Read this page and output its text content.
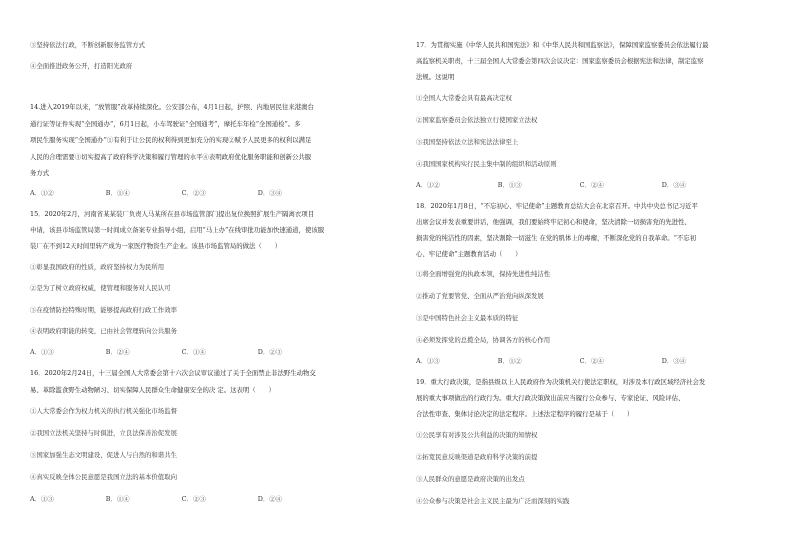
③坚持依法行政，不断创新服务监管方式
④全面推进政务公开，打造阳光政府
14.进入2019年以来，“放管服”改革持续深化。公安部公布，4月1日起，护照、内地居民往来港澳台
通行证等证件实现“全国通办”，6月1日起，小车驾驶证“全国通考”，摩托车年检“全国通检”。多
项民生服务实现“全国通办”①有利于让公民的权利得到更加充分的实现②赋予人民更多的权利以满足
人民的合理需要③切实提高了政府科学决策和履行管理的水平④表明政府优化服务职能和创新公共服
务方式
A．①②	B．①④	C．②③	D．③④
15．2020年2月，河南省某某装厂负责人马某所在县市场监管部门提出复位换照扩展生产隔离衣项目
申请，该县市场监管局第一时间成立备案专业指导小组，启用“马上办”在线审批功能加快速通道，使该服
装厂在不到12天时间里转产成为一家医疗物资生产企业。该县市场监管局的做法（　　）
①彰显我国政府的性质，政府坚持权力为民所用
②是为了树立政府权威，使管理和服务对人民认可
③在疫情防控特殊时期，能够提高政府行政工作效率
④表明政府职能的转变，已由社会管理转向公共服务
A．①③	B．②④	C．①④	D．②③
16．2020年2月24日，十三届全国人大常委会第十六次会议审议通过了关于全面禁止非法野生动物交
易、革除滥食野生动物陋习、切实保障人民群众生命健康安全的决 定。这表明（　　）
①人大常委会作为权力机关的执行机关强化市场监督
②我国立法机关坚持与时俱进，立良法保善治促发展
③国家加强生态文明建设，促进人与自然的和谐共生
④真实反映全体公民意愿是我国立法的基本价值取向
A．①③	B．①④	C．②③	D．②④
17．为贯彻实施《中华人民共和国宪法》和《中华人民共和国监察法》，保障国家监察委员会依法履行最
高监察机关职责，十三届全国人大常委会第四次会议决定：国家监察委员会根据宪法和法律，制定监察
法规。这说明
①全国人大常委会具有最高决定权
②国家监察委员会依法独立行使国家立法权
③我国坚持依法立法和宪法法律至上
④我国国家机构实行民主集中制的组织和活动原则
A．①②	B．①③	C．②④	D．③④
18．2020年1月8日，“不忘初心、牢记使命”主题教育总结大会在北京召开。中共中央总书记习近平
出席会议并发表重要讲话，他强调，我们要始终牢记初心和使命，坚决清除一切损害党的先进性、
损害党的纯洁性的因素，坚决割除一切滋生 在党的肌体上的毒瘤，不断深化党的自我革命。“不忘初
心、牢记使命”主题教育活动（　　）
①将全面增强党的执政本领，保持先进性纯洁性
②推动了党要管党、全面从严治党向纵深发展
③是中国特色社会主义最本质的特征
④必须发挥党的总揽全局，协调各方的核心作用
A．①③	B．①②	C．②④	D．③④
19．重大行政决策，是指县级以上人民政府作为决策机关行使法定职权，对涉及本行政区域经济社会发
展的重大事项做出的行政行为。重大行政决策做出前应当履行公众参与、专家论证、风险评估、
合法性审查、集体讨论决定的法定程序。上述法定程序的履行是基于（　　）
①公民享有对涉及公共利益的决策的知情权
②拓宽民意反映渠道是政府科学决策的前提
③人民群众的意愿是政府决策的出发点
④公众参与决策是社会主义民主最为广泛而深刻的实践
